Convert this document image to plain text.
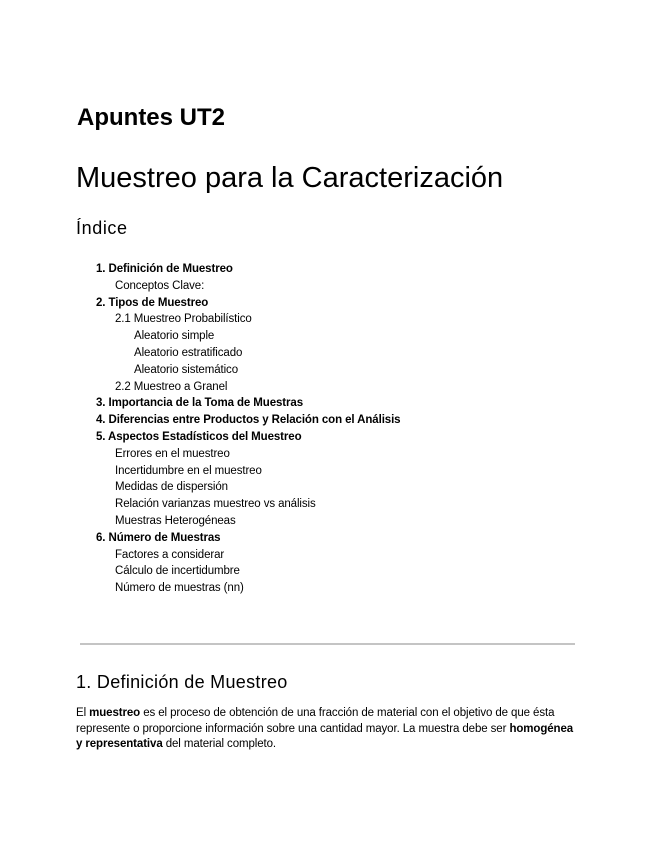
Apuntes UT2
Muestreo para la Caracterización
Índice
1. Definición de Muestreo
Conceptos Clave:
2. Tipos de Muestreo
2.1 Muestreo Probabilístico
Aleatorio simple
Aleatorio estratificado
Aleatorio sistemático
2.2 Muestreo a Granel
3. Importancia de la Toma de Muestras
4. Diferencias entre Productos y Relación con el Análisis
5. Aspectos Estadísticos del Muestreo
Errores en el muestreo
Incertidumbre en el muestreo
Medidas de dispersión
Relación varianzas muestreo vs análisis
Muestras Heterogéneas
6. Número de Muestras
Factores a considerar
Cálculo de incertidumbre
Número de muestras (nn)
1. Definición de Muestreo

El muestreo es el proceso de obtención de una fracción de material con el objetivo de que ésta represente o proporcione información sobre una cantidad mayor. La muestra debe ser homogénea y representativa del material completo.
